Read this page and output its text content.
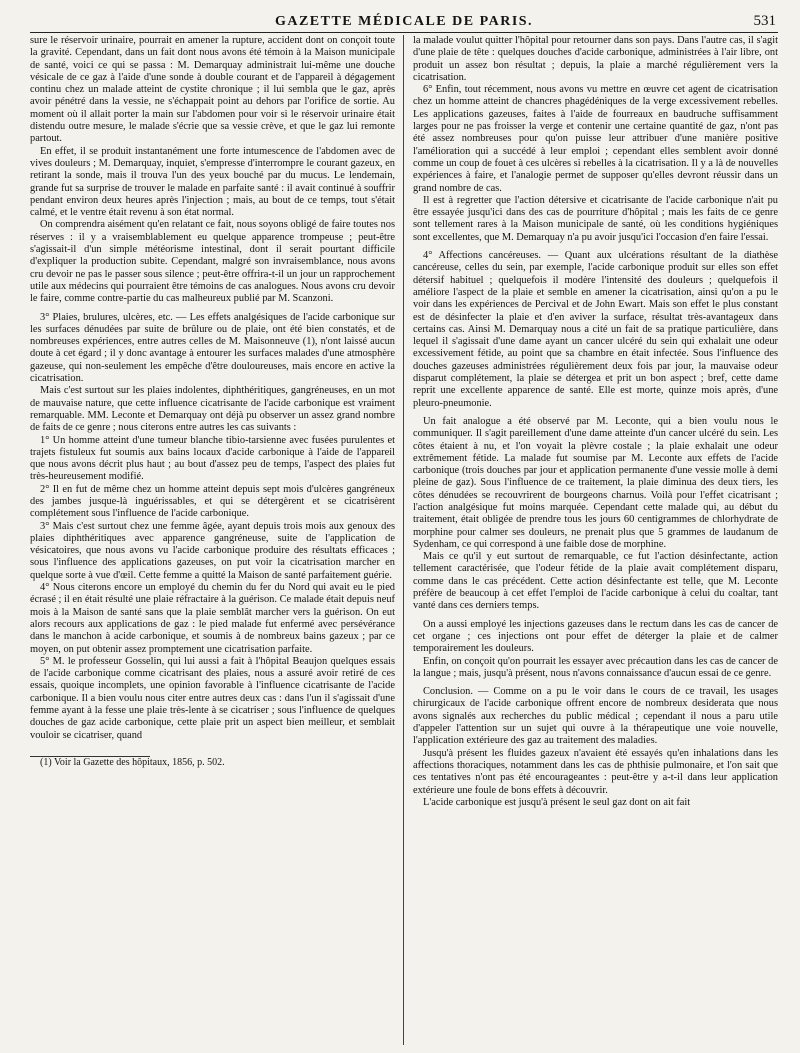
GAZETTE MÉDICALE DE PARIS.	531

sure le réservoir urinaire, pourrait en amener la rupture, accident dont on conçoit toute la gravité. Cependant, dans un fait dont nous avons été témoin à la Maison municipale de santé, voici ce qui se passa : M. Demarquay administrait lui-même une douche vésicale de ce gaz à l'aide d'une sonde à double courant et de l'appareil à dégagement continu chez un malade atteint de cystite chronique ; il lui sembla que le gaz, après avoir pénétré dans la vessie, ne s'échappait point au dehors par l'orifice de sortie. Au moment où il allait porter la main sur l'abdomen pour voir si le réservoir urinaire était distendu outre mesure, le malade s'écrie que sa vessie crève, et que le gaz lui remonte partout.

En effet, il se produit instantanément une forte intumescence de l'abdomen avec de vives douleurs ; M. Demarquay, inquiet, s'empresse d'interrompre le courant gazeux, en retirant la sonde, mais il trouva l'un des yeux bouché par du mucus. Le lendemain, grande fut sa surprise de trouver le malade en parfaite santé : il avait continué à souffrir pendant environ deux heures après l'injection ; mais, au bout de ce temps, tout s'était calmé, et le ventre était revenu à son état normal.

On comprendra aisément qu'en relatant ce fait, nous soyons obligé de faire toutes nos réserves : il y a vraisemblablement eu quelque apparence trompeuse ; peut-être s'agissait-il d'un simple météorisme intestinal, dont il serait pourtant difficile d'expliquer la production subite. Cependant, malgré son invraisemblance, nous avons cru devoir ne pas le passer sous silence ; peut-être offrira-t-il un jour un rapprochement utile aux médecins qui pourraient être témoins de cas analogues. Nous avons cru devoir le faire, comme contre-partie du cas malheureux publié par M. Scanzoni.

3° Plaies, brulures, ulcères, etc. — Les effets analgésiques de l'acide carbonique sur les surfaces dénudées par suite de brûlure ou de plaie, ont été bien constatés, et de nombreuses expériences, entre autres celles de M. Maisonneuve (1), n'ont laissé aucun doute à cet égard ; il y donc avantage à entourer les surfaces malades d'une atmosphère gazeuse, qui non-seulement les empêche d'être douloureuses, mais encore en active la cicatrisation.

Mais c'est surtout sur les plaies indolentes, diphthéritiques, gangréneuses, en un mot de mauvaise nature, que cette influence cicatrisante de l'acide carbonique est vraiment remarquable. MM. Leconte et Demarquay ont déjà pu observer un assez grand nombre de faits de ce genre ; nous citerons entre autres les cas suivants :

1° Un homme atteint d'une tumeur blanche tibio-tarsienne avec fusées purulentes et trajets fistuleux fut soumis aux bains locaux d'acide carbonique à l'aide de l'appareil que nous avons décrit plus haut ; au bout d'assez peu de temps, l'aspect des plaies fut très-heureusement modifié.

2° Il en fut de même chez un homme atteint depuis sept mois d'ulcères gangréneux des jambes jusque-là inguérissables, et qui se détergèrent et se cicatrisèrent complétement sous l'influence de l'acide carbonique.

3° Mais c'est surtout chez une femme âgée, ayant depuis trois mois aux genoux des plaies diphthéritiques avec apparence gangréneuse, suite de l'application de vésicatoires, que nous avons vu l'acide carbonique produire des résultats efficaces ; sous l'influence des applications gazeuses, on put voir la cicatrisation marcher en quelque sorte à vue d'œil. Cette femme a quitté la Maison de santé parfaitement guérie.

4° Nous citerons encore un employé du chemin du fer du Nord qui avait eu le pied écrasé ; il en était résulté une plaie réfractaire à la guérison. Ce malade était depuis neuf mois à la Maison de santé sans que la plaie semblât marcher vers la guérison. On eut alors recours aux applications de gaz : le pied malade fut enfermé avec persévérance dans le manchon à acide carbonique, et soumis à de nombreux bains gazeux ; par ce moyen, on put obtenir assez promptement une cicatrisation parfaite.

5° M. le professeur Gosselin, qui lui aussi a fait à l'hôpital Beaujon quelques essais de l'acide carbonique comme cicatrisant des plaies, nous a assuré avoir retiré de ces essais, quoique incomplets, une opinion favorable à l'influence cicatrisante de l'acide carbonique. Il a bien voulu nous citer entre autres deux cas : dans l'un il s'agissait d'une femme ayant à la fesse une plaie très-lente à se cicatriser ; sous l'influence de quelques douches de gaz acide carbonique, cette plaie prit un aspect bien meilleur, et semblait vouloir se cicatriser, quand

(1) Voir la Gazette des hôpitaux, 1856, p. 502.

la malade voulut quitter l'hôpital pour retourner dans son pays. Dans l'autre cas, il s'agit d'une plaie de tête : quelques douches d'acide carbonique, administrées à l'air libre, ont produit un assez bon résultat ; depuis, la plaie a marché régulièrement vers la cicatrisation.

6° Enfin, tout récemment, nous avons vu mettre en œuvre cet agent de cicatrisation chez un homme atteint de chancres phagédéniques de la verge excessivement rebelles. Les applications gazeuses, faites à l'aide de fourreaux en baudruche suffisamment larges pour ne pas froisser la verge et contenir une certaine quantité de gaz, n'ont pas été assez nombreuses pour qu'on puisse leur attribuer d'une manière positive l'amélioration qui a succédé à leur emploi ; cependant elles semblent avoir donné comme un coup de fouet à ces ulcères si rebelles à la cicatrisation. Il y a là de nouvelles expériences à faire, et l'analogie permet de supposer qu'elles devront réussir dans un grand nombre de cas.

Il est à regretter que l'action détersive et cicatrisante de l'acide carbonique n'ait pu être essayée jusqu'ici dans des cas de pourriture d'hôpital ; mais les faits de ce genre sont tellement rares à la Maison municipale de santé, où les conditions hygiéniques sont excellentes, que M. Demarquay n'a pu avoir jusqu'ici l'occasion d'en faire l'essai.

4° Affections cancéreuses. — Quant aux ulcérations résultant de la diathèse cancéreuse, celles du sein, par exemple, l'acide carbonique produit sur elles son effet détersif habituel ; quelquefois il modère l'intensité des douleurs ; quelquefois il améliore l'aspect de la plaie et semble en amener la cicatrisation, ainsi qu'on a pu le voir dans les expériences de Percival et de John Ewart. Mais son effet le plus constant est de désinfecter la plaie et d'en aviver la surface, résultat très-avantageux dans certains cas. Ainsi M. Demarquay nous a cité un fait de sa pratique particulière, dans lequel il s'agissait d'une dame ayant un cancer ulcéré du sein qui exhalait une odeur excessivement fétide, au point que sa chambre en était infectée. Sous l'influence des douches gazeuses administrées régulièrement deux fois par jour, la mauvaise odeur disparut complétement, la plaie se détergea et prit un bon aspect ; bref, cette dame reprit une excellente apparence de santé. Elle est morte, quinze mois après, d'une pleuro-pneumonie.

Un fait analogue a été observé par M. Leconte, qui a bien voulu nous le communiquer. Il s'agit pareillement d'une dame atteinte d'un cancer ulcéré du sein. Les côtes étaient à nu, et l'on voyait la plèvre costale ; la plaie exhalait une odeur extrêmement fétide. La malade fut soumise par M. Leconte aux effets de l'acide carbonique (trois douches par jour et application permanente d'une vessie molle à demi pleine de gaz). Sous l'influence de ce traitement, la plaie diminua des deux tiers, les côtes dénudées se recouvrirent de bourgeons charnus. Voilà pour l'effet cicatrisant ; l'action analgésique fut moins marquée. Cependant cette malade qui, au début du traitement, était obligée de prendre tous les jours 60 centigrammes de chlorhydrate de morphine pour calmer ses douleurs, ne prenait plus que 5 grammes de laudanum de Sydenham, ce qui correspond à une faible dose de morphine.

Mais ce qu'il y eut surtout de remarquable, ce fut l'action désinfectante, action tellement caractérisée, que l'odeur fétide de la plaie avait complétement disparu, comme dans le cas précédent. Cette action désinfectante est telle, que M. Leconte préfère de beaucoup à cet effet l'emploi de l'acide carbonique à celui du coaltar, tant vanté dans ces derniers temps.

On a aussi employé les injections gazeuses dans le rectum dans les cas de cancer de cet organe ; ces injections ont pour effet de déterger la plaie et de calmer temporairement les douleurs.

Enfin, on conçoit qu'on pourrait les essayer avec précaution dans les cas de cancer de la langue ; mais, jusqu'à présent, nous n'avons connaissance d'aucun essai de ce genre.

Conclusion. — Comme on a pu le voir dans le cours de ce travail, les usages chirurgicaux de l'acide carbonique offrent encore de nombreux desiderata que nous avons signalés aux recherches du public médical ; cependant il nous a paru utile d'appeler l'attention sur un sujet qui ouvre à la thérapeutique une voie nouvelle, l'application extérieure des gaz au traitement des maladies.

Jusqu'à présent les fluides gazeux n'avaient été essayés qu'en inhalations dans les affections thoraciques, notamment dans les cas de phthisie pulmonaire, et l'on sait que ces tentatives n'ont pas été encourageantes : peut-être y a-t-il dans leur application extérieure une foule de bons effets à découvrir.

L'acide carbonique est jusqu'à présent le seul gaz dont on ait fait
